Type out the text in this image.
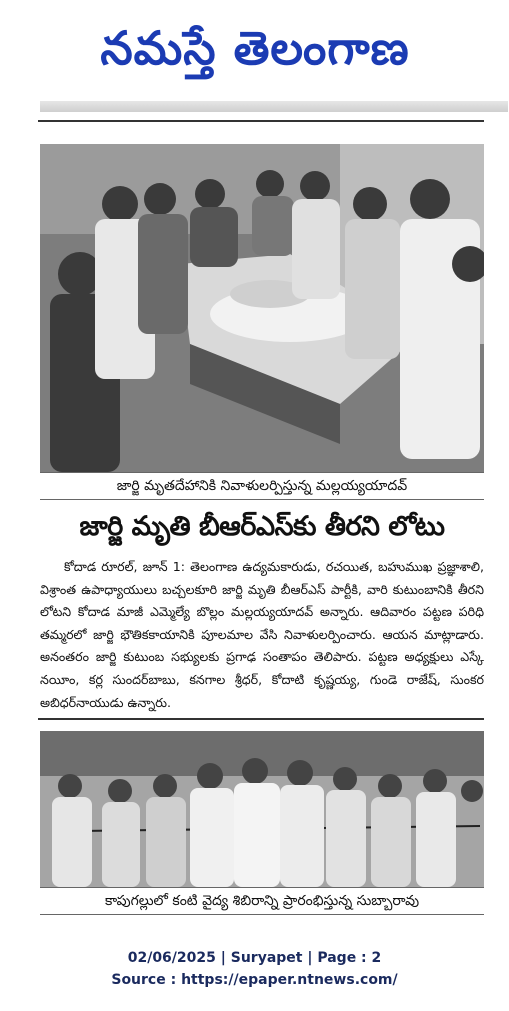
నమస్తే తెలంగాణ
జార్జి మృతదేహానికి నివాళులర్పిస్తున్న మల్లయ్యయాదవ్
జార్జి మృతి బీఆర్ఎస్‌కు తీరని లోటు
కోదాడ రూరల్, జూన్ 1: తెలంగాణ ఉద్యమకారుడు, రచయిత, బహుముఖ ప్రజ్ఞాశాలి, విశ్రాంత ఉపాధ్యాయులు బచ్చలకూరి జార్జి మృతి బీఆర్ఎస్ పార్టీకి, వారి కుటుంబానికి తీరని లోటని కోదాడ మాజీ ఎమ్మెల్యే బొల్లం మల్లయ్యయాదవ్ అన్నారు. ఆదివారం పట్టణ పరిధి తమ్మరలో జార్జి భౌతికకాయానికి పూలమాల వేసి నివాళులర్పించారు. ఆయన మాట్లాడారు. అనంతరం జార్జి కుటుంబ సభ్యులకు ప్రగాఢ సంతాపం తెలిపారు. పట్టణ అధ్యక్షులు ఎస్కే నయీం, కర్ల సుందర్‌బాబు, కనగాల శ్రీధర్, కోదాటి కృష్ణయ్య, గుండె రాజేష్, సుంకర అబిధర్‌నాయుడు ఉన్నారు.
కాపుగల్లులో కంటి వైద్య శిబిరాన్ని ప్రారంభిస్తున్న సుబ్బారావు
02/06/2025 | Suryapet | Page : 2
Source : https://epaper.ntnews.com/
